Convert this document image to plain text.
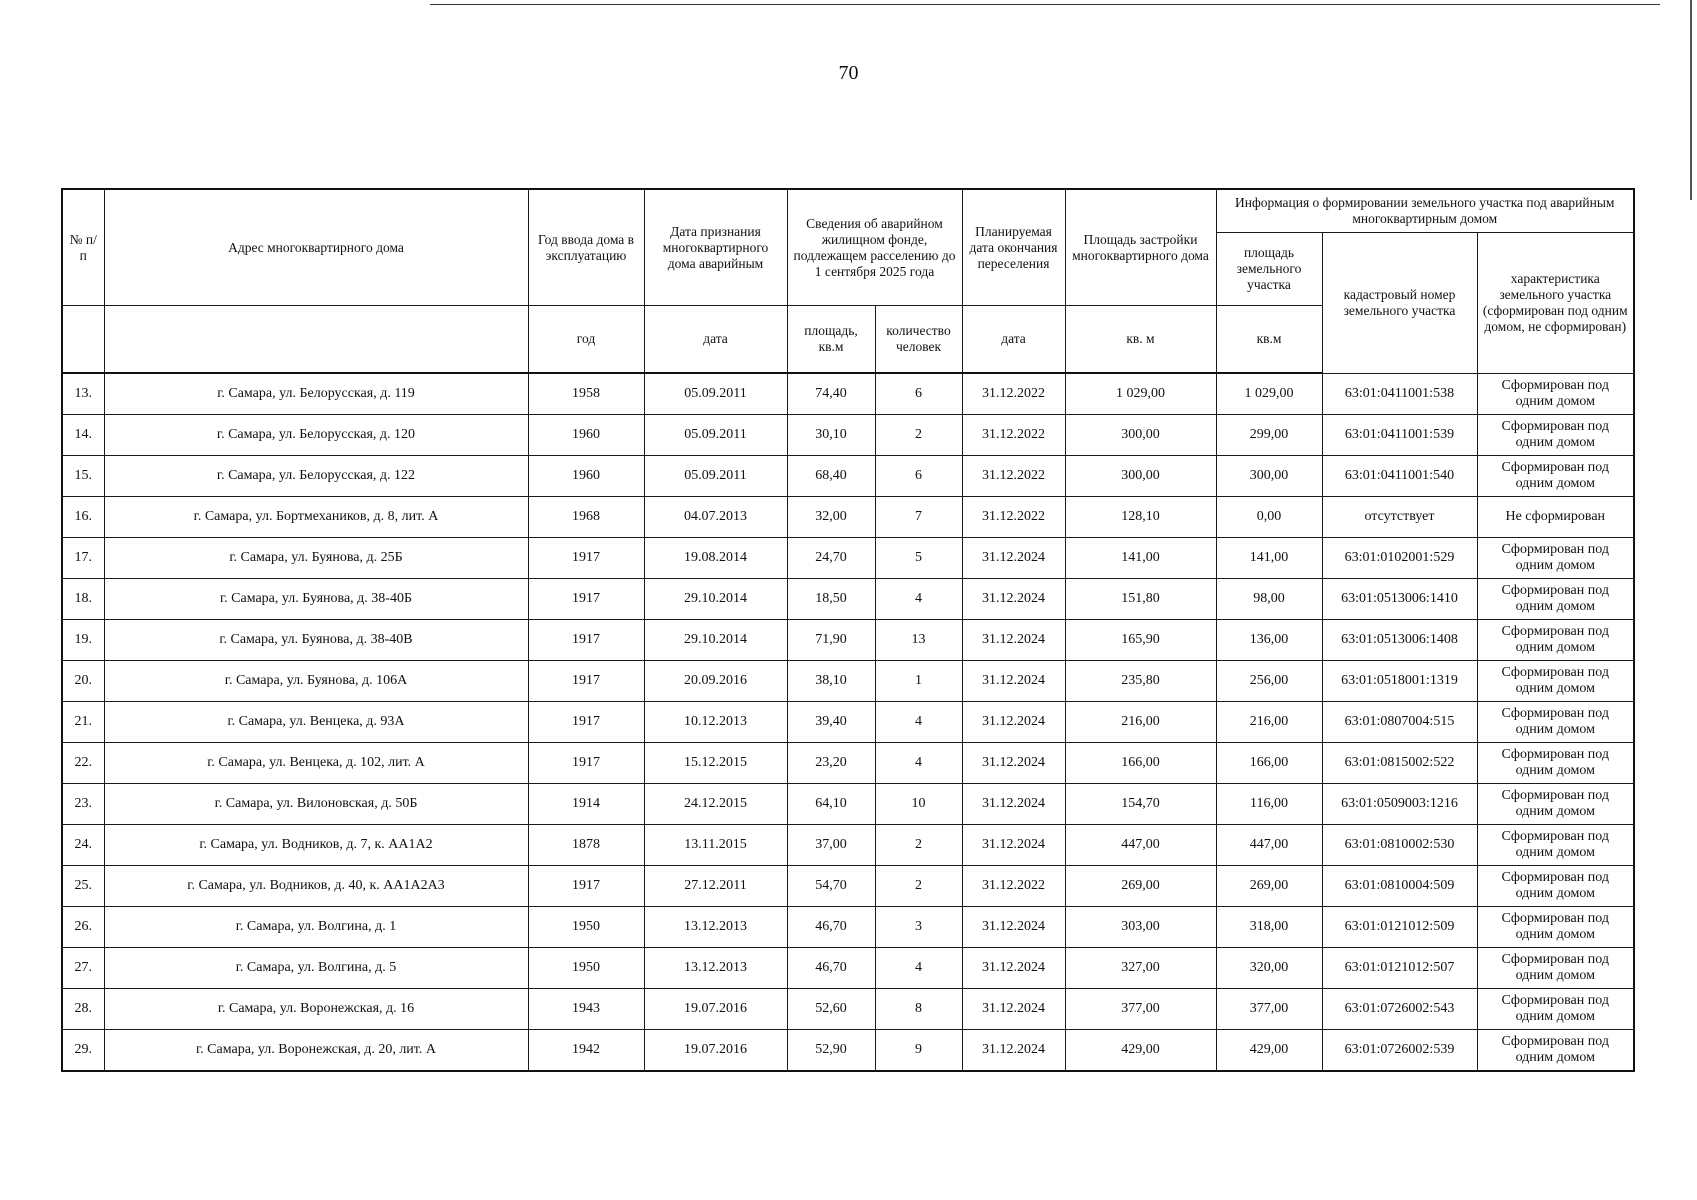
70
№ п/п	Адрес многоквартирного дома	Год ввода дома в эксплуатацию	Дата признания многоквартирного дома аварийным	Сведения об аварийном жилищном фонде, подлежащем расселению до 1 сентября 2025 года		Планируемая дата окончания переселения	Площадь застройки многоквартирного дома	Информация о формировании земельного участка под аварийным многоквартирным домом		
								площадь земельного участка	кадастровый номер земельного участка	характеристика земельного участка (сформирован под одним домом, не сформирован)
		год	дата	площадь, кв.м	количество человек	дата	кв. м	кв.м		
13.	г. Самара, ул. Белорусская, д. 119	1958	05.09.2011	74,40	6	31.12.2022	1 029,00	1 029,00	63:01:0411001:538	Сформирован под одним домом
14.	г. Самара, ул. Белорусская, д. 120	1960	05.09.2011	30,10	2	31.12.2022	300,00	299,00	63:01:0411001:539	Сформирован под одним домом
15.	г. Самара, ул. Белорусская, д. 122	1960	05.09.2011	68,40	6	31.12.2022	300,00	300,00	63:01:0411001:540	Сформирован под одним домом
16.	г. Самара, ул. Бортмехаников, д. 8, лит. А	1968	04.07.2013	32,00	7	31.12.2022	128,10	0,00	отсутствует	Не сформирован
17.	г. Самара, ул. Буянова, д. 25Б	1917	19.08.2014	24,70	5	31.12.2024	141,00	141,00	63:01:0102001:529	Сформирован под одним домом
18.	г. Самара, ул. Буянова, д. 38-40Б	1917	29.10.2014	18,50	4	31.12.2024	151,80	98,00	63:01:0513006:1410	Сформирован под одним домом
19.	г. Самара, ул. Буянова, д. 38-40В	1917	29.10.2014	71,90	13	31.12.2024	165,90	136,00	63:01:0513006:1408	Сформирован под одним домом
20.	г. Самара, ул. Буянова, д. 106А	1917	20.09.2016	38,10	1	31.12.2024	235,80	256,00	63:01:0518001:1319	Сформирован под одним домом
21.	г. Самара, ул. Венцека, д. 93А	1917	10.12.2013	39,40	4	31.12.2024	216,00	216,00	63:01:0807004:515	Сформирован под одним домом
22.	г. Самара, ул. Венцека, д. 102, лит. А	1917	15.12.2015	23,20	4	31.12.2024	166,00	166,00	63:01:0815002:522	Сформирован под одним домом
23.	г. Самара, ул. Вилоновская, д. 50Б	1914	24.12.2015	64,10	10	31.12.2024	154,70	116,00	63:01:0509003:1216	Сформирован под одним домом
24.	г. Самара, ул. Водников, д. 7, к. АА1А2	1878	13.11.2015	37,00	2	31.12.2024	447,00	447,00	63:01:0810002:530	Сформирован под одним домом
25.	г. Самара, ул. Водников, д. 40, к. АА1А2А3	1917	27.12.2011	54,70	2	31.12.2022	269,00	269,00	63:01:0810004:509	Сформирован под одним домом
26.	г. Самара, ул. Волгина, д. 1	1950	13.12.2013	46,70	3	31.12.2024	303,00	318,00	63:01:0121012:509	Сформирован под одним домом
27.	г. Самара, ул. Волгина, д. 5	1950	13.12.2013	46,70	4	31.12.2024	327,00	320,00	63:01:0121012:507	Сформирован под одним домом
28.	г. Самара, ул. Воронежская, д. 16	1943	19.07.2016	52,60	8	31.12.2024	377,00	377,00	63:01:0726002:543	Сформирован под одним домом
29.	г. Самара, ул. Воронежская, д. 20, лит. А	1942	19.07.2016	52,90	9	31.12.2024	429,00	429,00	63:01:0726002:539	Сформирован под одним домом
